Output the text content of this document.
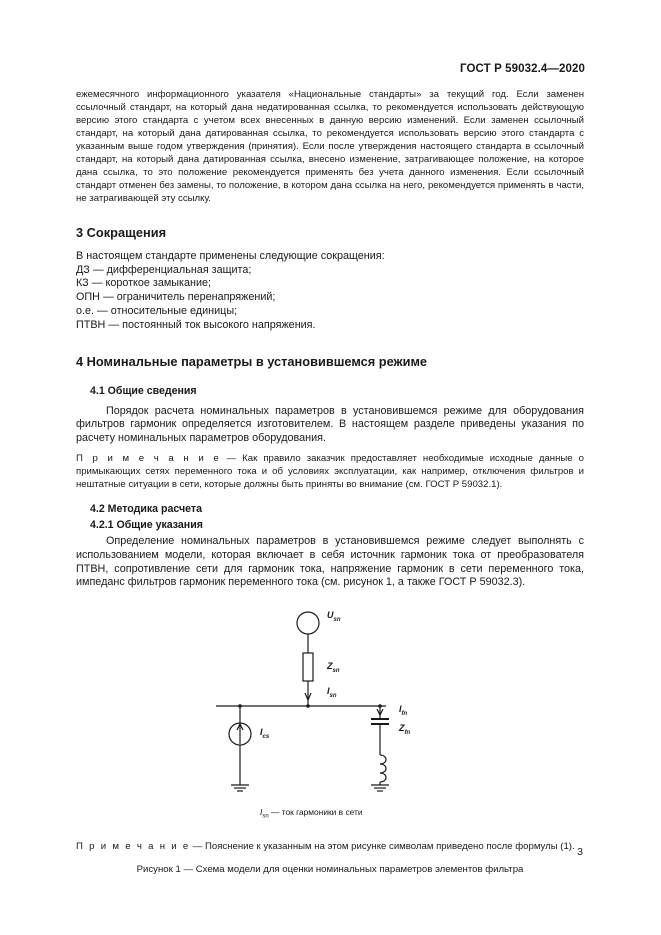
ГОСТ Р 59032.4—2020

ежемесячного информационного указателя «Национальные стандарты» за текущий год. Если заменен ссылочный стандарт, на который дана недатированная ссылка, то рекомендуется использовать действующую версию этого стандарта с учетом всех внесенных в данную версию изменений. Если заменен ссылочный стандарт, на который дана датированная ссылка, то рекомендуется использовать версию этого стандарта с указанным выше годом утверждения (принятия). Если после утверждения настоящего стандарта в ссылочный стандарт, на который дана датированная ссылка, внесено изменение, затрагивающее положение, на которое дана ссылка, то это положение рекомендуется применять без учета данного изменения. Если ссылочный стандарт отменен без замены, то положение, в котором дана ссылка на него, рекомендуется применять в части, не затрагивающей эту ссылку.

3 Сокращения

В настоящем стандарте применены следующие сокращения:

ДЗ — дифференциальная защита;
КЗ — короткое замыкание;
ОПН — ограничитель перенапряжений;
о.е. — относительные единицы;
ПТВН — постоянный ток высокого напряжения.
4 Номинальные параметры в установившемся режиме
4.1 Общие сведения

Порядок расчета номинальных параметров в установившемся режиме для оборудования фильтров гармоник определяется изготовителем. В настоящем разделе приведены указания по расчету номинальных параметров оборудования.

П р и м е ч а н и е — Как правило заказчик предоставляет необходимые исходные данные о примыкающих сетях переменного тока и об условиях эксплуатации, как например, отключения фильтров и нештатные ситуации в сети, которые должны быть приняты во внимание (см. ГОСТ Р 59032.1).

4.2 Методика расчета
4.2.1 Общие указания

Определение номинальных параметров в установившемся режиме следует выполнять с использованием модели, которая включает в себя источник гармоник тока от преобразователя ПТВН, сопротивление сети для гармоник тока, напряжение гармоник в сети переменного тока, импеданс фильтров гармоник переменного тока (см. рисунок 1, а также ГОСТ Р 59032.3).

$U_{sn}$
$Z_{sn}$
$I_{sn}$
$I_{cs}$
$I_{fn}$
$Z_{fn}$
$I_{sn}$ — ток гармоники в сети

П р и м е ч а н и е — Пояснение к указанным на этом рисунке символам приведено после формулы (1).

Рисунок 1 — Схема модели для оценки номинальных параметров элементов фильтра

3
